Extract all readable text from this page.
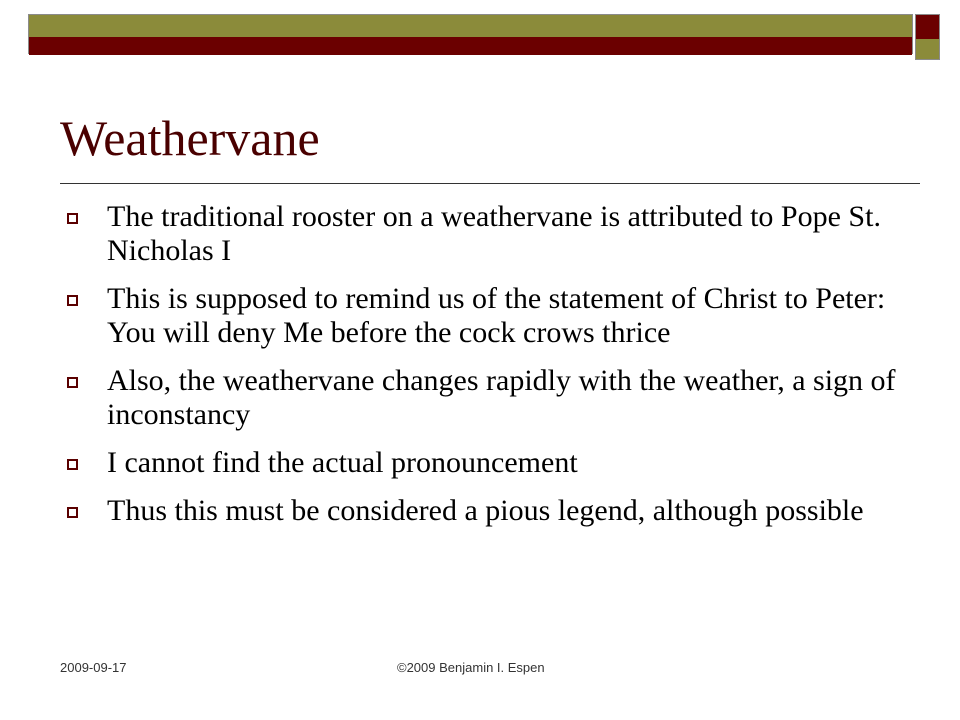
Weathervane
The traditional rooster on a weathervane is attributed to Pope St. Nicholas I
This is supposed to remind us of the statement of Christ to Peter: You will deny Me before the cock crows thrice
Also, the weathervane changes rapidly with the weather, a sign of inconstancy
I cannot find the actual pronouncement
Thus this must be considered a pious legend, although possible
2009-09-17	©2009 Benjamin I. Espen
